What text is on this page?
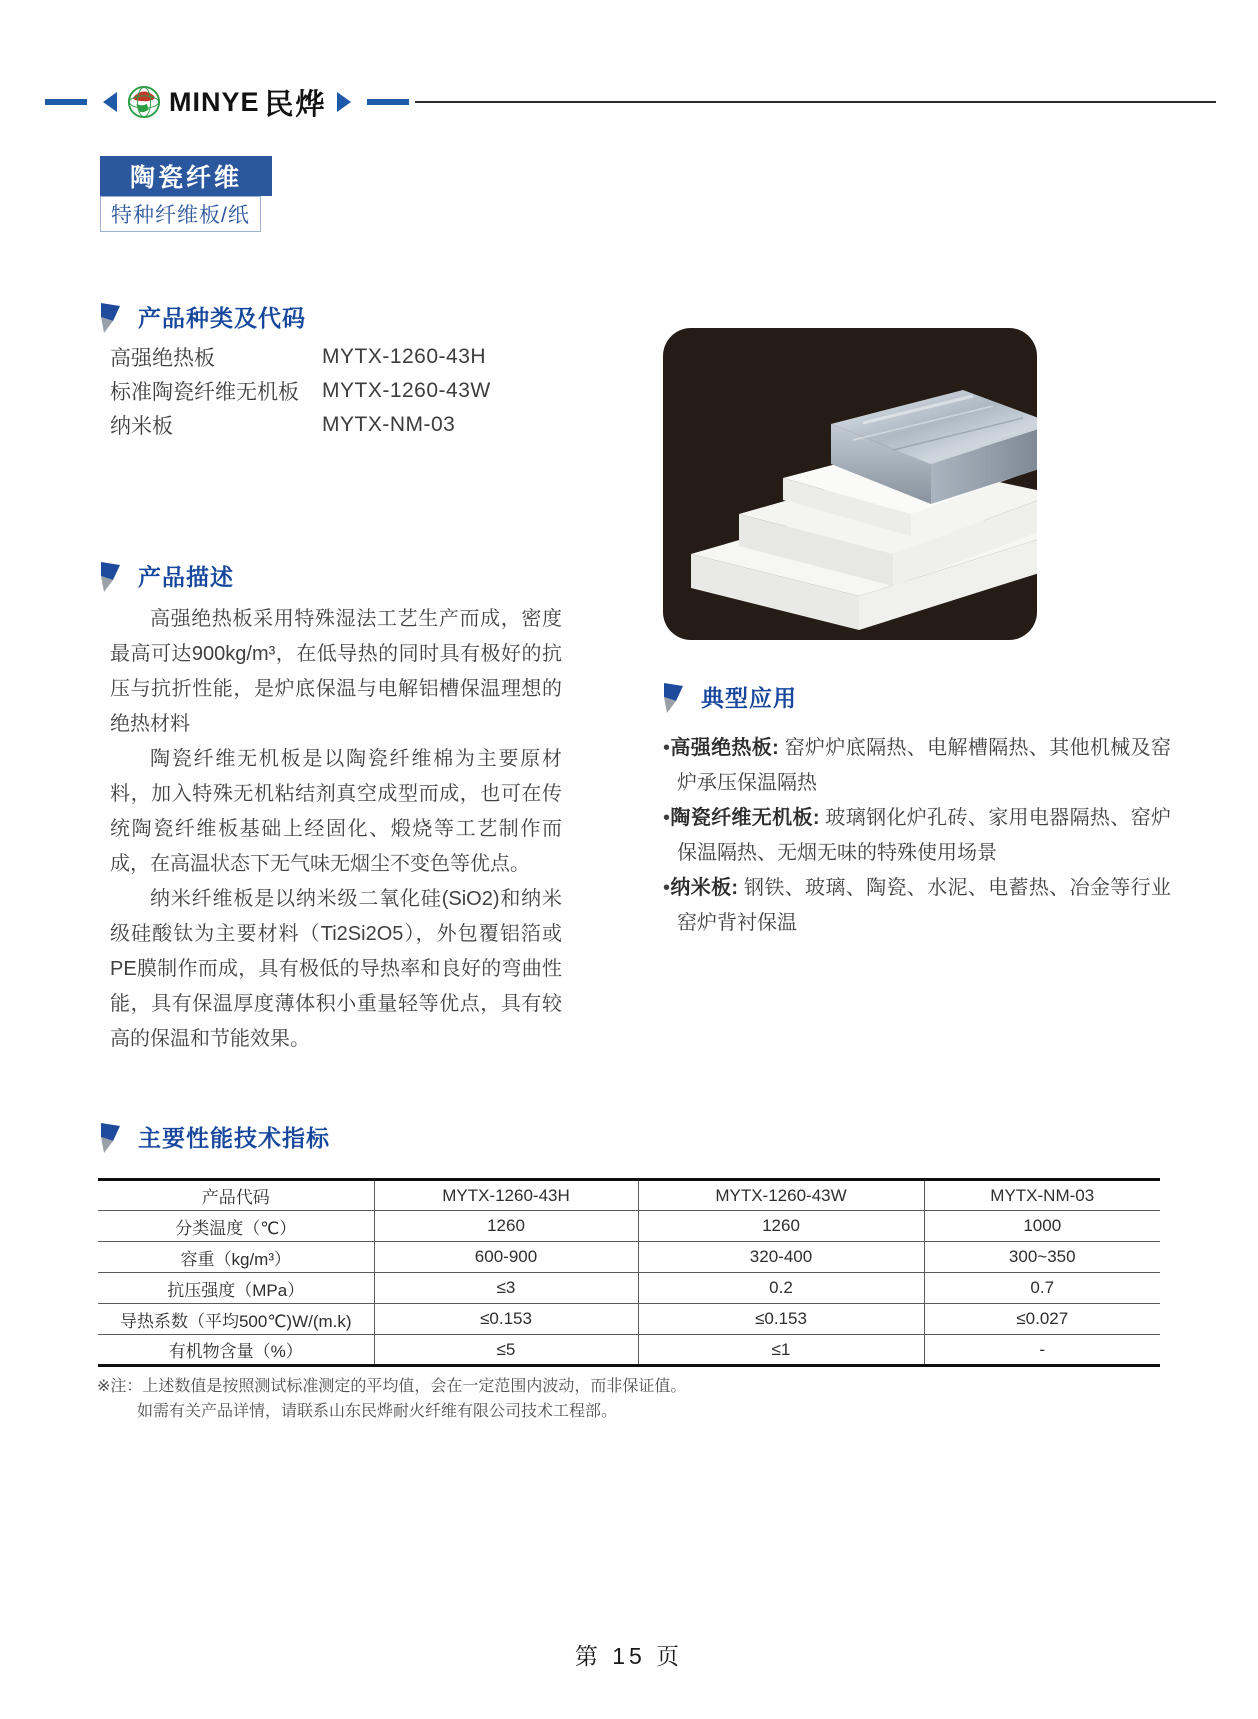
MINYE 民烨
陶瓷纤维
特种纤维板/纸
产品种类及代码
高强绝热板	MYTX-1260-43H
标准陶瓷纤维无机板	MYTX-1260-43W
纳米板	MYTX-NM-03
产品描述

高强绝热板采用特殊湿法工艺生产而成，密度最高可达900kg/m³，在低导热的同时具有极好的抗压与抗折性能，是炉底保温与电解铝槽保温理想的绝热材料

陶瓷纤维无机板是以陶瓷纤维棉为主要原材料，加入特殊无机粘结剂真空成型而成，也可在传统陶瓷纤维板基础上经固化、煅烧等工艺制作而成，在高温状态下无气味无烟尘不变色等优点。

纳米纤维板是以纳米级二氧化硅(SiO2)和纳米级硅酸钛为主要材料（Ti2Si2O5），外包覆铝箔或PE膜制作而成，具有极低的导热率和良好的弯曲性能，具有保温厚度薄体积小重量轻等优点，具有较高的保温和节能效果。

典型应用
•高强绝热板: 窑炉炉底隔热、电解槽隔热、其他机械及窑炉承压保温隔热
•陶瓷纤维无机板: 玻璃钢化炉孔砖、家用电器隔热、窑炉保温隔热、无烟无味的特殊使用场景
•纳米板: 钢铁、玻璃、陶瓷、水泥、电蓄热、冶金等行业窑炉背衬保温
主要性能技术指标
产品代码	MYTX-1260-43H	MYTX-1260-43W	MYTX-NM-03
分类温度（℃）	1260	1260	1000
容重（kg/m³）	600-900	320-400	300~350
抗压强度（MPa）	≤3	0.2	0.7
导热系数（平均500℃)W/(m.k)	≤0.153	≤0.153	≤0.027
有机物含量（%）	≤5	≤1	-
※注：上述数值是按照测试标准测定的平均值，会在一定范围内波动，而非保证值。
如需有关产品详情，请联系山东民烨耐火纤维有限公司技术工程部。
第 15 页
